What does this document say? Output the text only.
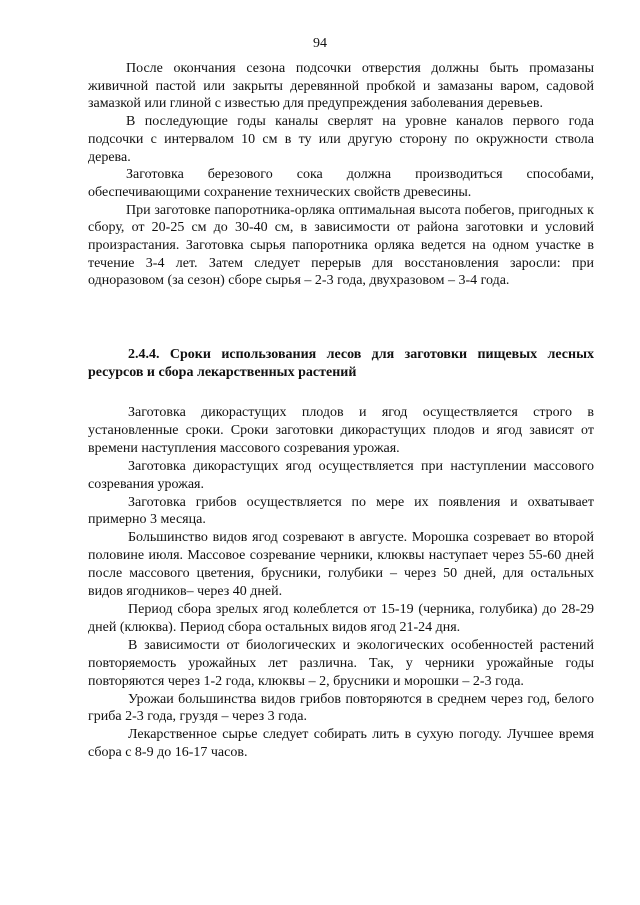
94

После окончания сезона подсочки отверстия должны быть промазаны живичной пастой или закрыты деревянной пробкой и замазаны варом, садовой замазкой или глиной с известью для предупреждения заболевания деревьев.

В последующие годы каналы сверлят на уровне каналов первого года подсочки с интервалом 10 см в ту или другую сторону по окружности ствола дерева.

Заготовка березового сока должна производиться способами, обеспечивающими сохранение технических свойств древесины.

При заготовке папоротника-орляка оптимальная высота побегов, пригодных к сбору, от 20-25 см до 30-40 см, в зависимости от района заготовки и условий произрастания. Заготовка сырья папоротника орляка ведется на одном участке в течение 3-4 лет. Затем следует перерыв для восстановления заросли: при одноразовом (за сезон) сборе сырья – 2-3 года, двухразовом – 3-4 года.

2.4.4. Сроки использования лесов для заготовки пищевых лесных ресурсов и сбора лекарственных растений

Заготовка дикорастущих плодов и ягод осуществляется строго в установленные сроки. Сроки заготовки дикорастущих плодов и ягод зависят от времени наступления массового созревания урожая.

Заготовка дикорастущих ягод осуществляется при наступлении массового созревания урожая.

Заготовка грибов осуществляется по мере их появления и охватывает примерно 3 месяца.

Большинство видов ягод созревают в августе. Морошка созревает во второй половине июля. Массовое созревание черники, клюквы наступает через 55-60 дней после массового цветения, брусники, голубики – через 50 дней, для остальных видов ягодников– через 40 дней.

Период сбора зрелых ягод колеблется от 15-19 (черника, голубика) до 28-29 дней (клюква). Период сбора остальных видов ягод 21-24 дня.

В зависимости от биологических и экологических особенностей растений повторяемость урожайных лет различна. Так, у черники урожайные годы повторяются через 1-2 года, клюквы – 2, брусники и морошки – 2-3 года.

Урожаи большинства видов грибов повторяются в среднем через год, белого гриба 2-3 года, груздя – через 3 года.

Лекарственное сырье следует собирать лить в сухую погоду. Лучшее время сбора с 8-9 до 16-17 часов.
